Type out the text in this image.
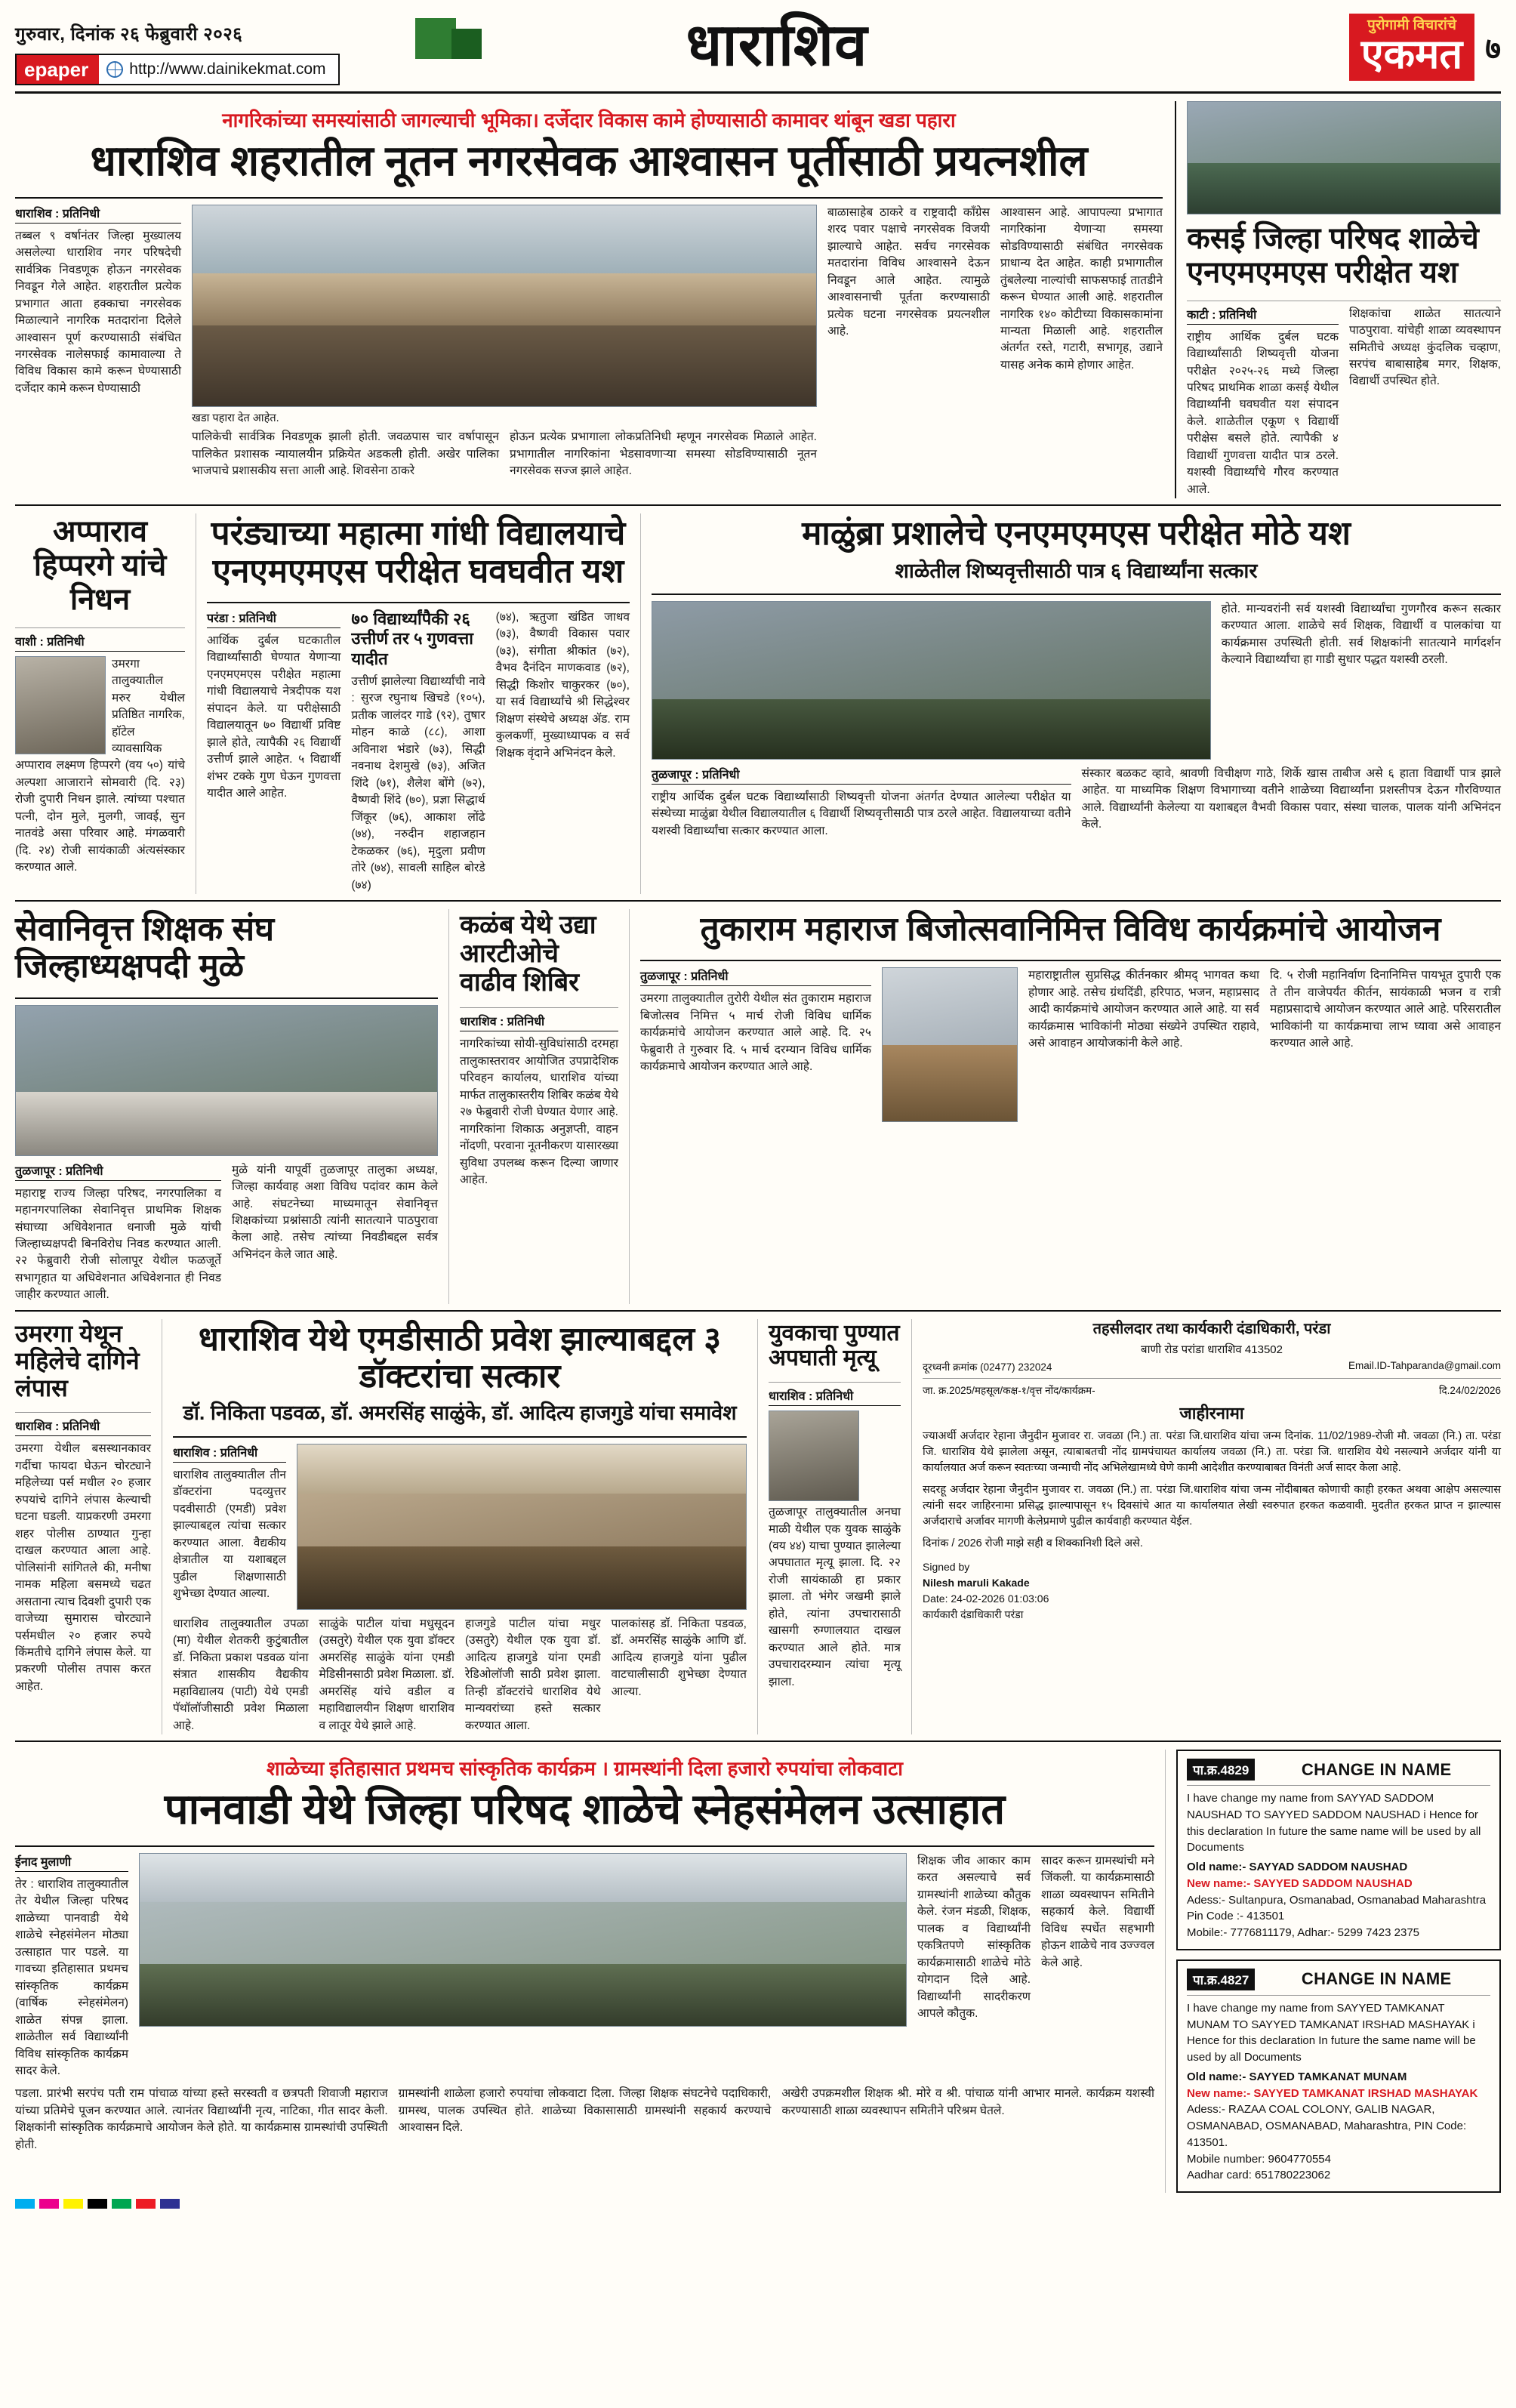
गुरुवार, दिनांक २६ फेब्रुवारी २०२६
epaper	http://www.dainikekmat.com	धाराशिव	पुरोगामी विचारांचे
एकमत ७
नागरिकांच्या समस्यांसाठी जागल्याची भूमिका। दर्जेदार विकास कामे होण्यासाठी कामावर थांबून खडा पहारा
धाराशिव शहरातील नूतन नगरसेवक आश्वासन पूर्तीसाठी प्रयत्नशील
धाराशिव : प्रतिनिधी
तब्बल ९ वर्षानंतर जिल्हा मुख्यालय असलेल्या धाराशिव नगर परिषदेची सार्वत्रिक निवडणूक होऊन नगरसेवक निवडून गेले आहेत. शहरातील प्रत्येक प्रभागात आता हक्काचा नगरसेवक मिळाल्याने नागरिक मतदारांना दिलेले आश्वासन पूर्ण करण्यासाठी संबंधित नगरसेवक नालेसफाई कामावाल्या ते विविध विकास कामे करून घेण्यासाठी दर्जेदार कामे करून घेण्यासाठी
खडा पहारा देत आहेत.
पालिकेची सार्वत्रिक निवडणूक झाली होती. जवळपास चार वर्षापासून पालिकेत प्रशासक न्यायालयीन प्रक्रियेत अडकली होती. अखेर पालिका भाजपाचे प्रशासकीय सत्ता आली आहे. शिवसेना ठाकरे
होऊन प्रत्येक प्रभागाला लोकप्रतिनिधी म्हणून नगरसेवक मिळाले आहेत. प्रभागातील नागरिकांना भेडसावणाऱ्या समस्या सोडविण्यासाठी नूतन नगरसेवक सज्ज झाले आहेत.
बाळासाहेब ठाकरे व राष्ट्रवादी काँग्रेस शरद पवार पक्षाचे नगरसेवक विजयी झाल्याचे आहेत. सर्वच नगरसेवक मतदारांना विविध आश्वासने देऊन निवडून आले आहेत. त्यामुळे आश्वासनाची पूर्तता करण्यासाठी प्रत्येक घटना नगरसेवक प्रयत्नशील आहे.
आश्वासन आहे. आपापल्या प्रभागात नागरिकांना येणाऱ्या समस्या सोडविण्यासाठी संबंधित नगरसेवक प्राधान्य देत आहेत. काही प्रभागातील तुंबलेल्या नाल्यांची साफसफाई तातडीने करून घेण्यात आली आहे. शहरातील नागरिक १४० कोटीच्या विकासकामांना मान्यता मिळाली आहे. शहरातील अंतर्गत रस्ते, गटारी, सभागृह, उद्याने यासह अनेक कामे होणार आहेत.
कसई जिल्हा परिषद शाळेचे एनएमएमएस परीक्षेत यश
काटी : प्रतिनिधी
राष्ट्रीय आर्थिक दुर्बल घटक विद्यार्थ्यांसाठी शिष्यवृत्ती योजना परीक्षेत २०२५-२६ मध्ये जिल्हा परिषद प्राथमिक शाळा कसई येथील विद्यार्थ्यांनी घवघवीत यश संपादन केले. शाळेतील एकूण ९ विद्यार्थी परीक्षेस बसले होते. त्यापैकी ४ विद्यार्थी गुणवत्ता यादीत पात्र ठरले. यशस्वी विद्यार्थ्यांचे गौरव करण्यात आले.
शिक्षकांचा शाळेत सातत्याने पाठपुरावा. यांचेही शाळा व्यवस्थापन समितीचे अध्यक्ष कुंदलिक चव्हाण, सरपंच बाबासाहेब मगर, शिक्षक, विद्यार्थी उपस्थित होते.
अप्पाराव हिप्परगे यांचे निधन
वाशी : प्रतिनिधी
उमरगा तालुक्यातील मरुर येथील प्रतिष्ठित नागरिक, हॉटेल व्यावसायिक अप्पाराव लक्ष्मण हिप्परगे (वय ५०) यांचे अल्पशा आजाराने सोमवारी (दि. २३) रोजी दुपारी निधन झाले. त्यांच्या पश्चात पत्नी, दोन मुले, मुलगी, जावई, सुन नातवंडे असा परिवार आहे. मंगळवारी (दि. २४) रोजी सायंकाळी अंत्यसंस्कार करण्यात आले.
परंड्याच्या महात्मा गांधी विद्यालयाचे एनएमएमएस परीक्षेत घवघवीत यश
परंडा : प्रतिनिधी
आर्थिक दुर्बल घटकातील विद्यार्थ्यांसाठी घेण्यात येणाऱ्या एनएमएमएस परीक्षेत महात्मा गांधी विद्यालयाचे नेत्रदीपक यश संपादन केले. या परीक्षेसाठी विद्यालयातून ७० विद्यार्थी प्रविष्ट झाले होते, त्यापैकी २६ विद्यार्थी उत्तीर्ण झाले आहेत. ५ विद्यार्थी शंभर टक्के गुण घेऊन गुणवत्ता यादीत आले आहेत.
७० विद्यार्थ्यांपैकी २६ उत्तीर्ण तर ५ गुणवत्ता यादीत
उत्तीर्ण झालेल्या विद्यार्थ्यांची नावे : सुरज रघुनाथ खिचडे (१०५), प्रतीक जालंदर गाडे (९२), तुषार मोहन काळे (८८), आशा अविनाश भंडारे (७३), सिद्धी नवनाथ देशमुखे (७३), अजित शिंदे (७१), शैलेश बोंगे (७२), वैष्णवी शिंदे (७०), प्रज्ञा सिद्धार्थ जिंकूर (७६), आकाश लोंढे (७४), नरुदीन शहाजहान टेकळकर (७६), मृदुला प्रवीण तोरे (७४), सावली साहिल बोरडे (७४)
(७४), ऋतुजा खंडित जाधव (७३), वैष्णवी विकास पवार (७३), संगीता श्रीकांत (७२), वैभव दैनंदिन माणकवाड (७२), सिद्धी किशोर चाकुरकर (७०), या सर्व विद्यार्थ्यांचे श्री सिद्धेश्वर शिक्षण संस्थेचे अध्यक्ष ॲड. राम कुलकर्णी, मुख्याध्यापक व सर्व शिक्षक वृंदाने अभिनंदन केले.
माळुंब्रा प्रशालेचे एनएमएमएस परीक्षेत मोठे यश
शाळेतील शिष्यवृत्तीसाठी पात्र ६ विद्यार्थ्यांना सत्कार
होते. मान्यवरांनी सर्व यशस्वी विद्यार्थ्यांचा गुणगौरव करून सत्कार करण्यात आला. शाळेचे सर्व शिक्षक, विद्यार्थी व पालकांचा या कार्यक्रमास उपस्थिती होती. सर्व शिक्षकांनी सातत्याने मार्गदर्शन केल्याने विद्यार्थ्यांचा हा गाडी सुधार पद्धत यशस्वी ठरली.
तुळजापूर : प्रतिनिधी
राष्ट्रीय आर्थिक दुर्बल घटक विद्यार्थ्यांसाठी शिष्यवृत्ती योजना अंतर्गत देण्यात आलेल्या परीक्षेत या संस्थेच्या माळुंब्रा येथील विद्यालयातील ६ विद्यार्थी शिष्यवृत्तीसाठी पात्र ठरले आहेत. विद्यालयाच्या वतीने यशस्वी विद्यार्थ्यांचा सत्कार करण्यात आला.
संस्कार बळकट व्हावे, श्रावणी विचीक्षण गाठे, शिर्के खास ताबीज असे ६ हाता विद्यार्थी पात्र झाले आहेत. या माध्यमिक शिक्षण विभागाच्या वतीने शाळेच्या विद्यार्थ्यांना प्रशस्तीपत्र देऊन गौरविण्यात आले. विद्यार्थ्यांनी केलेल्या या यशाबद्दल वैभवी विकास पवार, संस्था चालक, पालक यांनी अभिनंदन केले.
सेवानिवृत्त शिक्षक संघ जिल्हाध्यक्षपदी मुळे
तुळजापूर : प्रतिनिधी
महाराष्ट्र राज्य जिल्हा परिषद, नगरपालिका व महानगरपालिका सेवानिवृत्त प्राथमिक शिक्षक संघाच्या अधिवेशनात धनाजी मुळे यांची जिल्हाध्यक्षपदी बिनविरोध निवड करण्यात आली. २२ फेब्रुवारी रोजी सोलापूर येथील फळजूर्ते सभागृहात या अधिवेशनात अधिवेशनात ही निवड जाहीर करण्यात आली.
मुळे यांनी यापूर्वी तुळजापूर तालुका अध्यक्ष, जिल्हा कार्यवाह अशा विविध पदांवर काम केले आहे. संघटनेच्या माध्यमातून सेवानिवृत्त शिक्षकांच्या प्रश्नांसाठी त्यांनी सातत्याने पाठपुरावा केला आहे. तसेच त्यांच्या निवडीबद्दल सर्वत्र अभिनंदन केले जात आहे.
कळंब येथे उद्या आरटीओचे वाढीव शिबिर
धाराशिव : प्रतिनिधी
नागरिकांच्या सोयी-सुविधांसाठी दरमहा तालुकास्तरावर आयोजित उपप्रादेशिक परिवहन कार्यालय, धाराशिव यांच्या मार्फत तालुकास्तरीय शिबिर कळंब येथे २७ फेब्रुवारी रोजी घेण्यात येणार आहे. नागरिकांना शिकाऊ अनुज्ञप्ती, वाहन नोंदणी, परवाना नूतनीकरण यासारख्या सुविधा उपलब्ध करून दिल्या जाणार आहेत.
तुकाराम महाराज बिजोत्सवानिमित्त विविध कार्यक्रमांचे आयोजन
तुळजापूर : प्रतिनिधी
उमरगा तालुक्यातील तुरोरी येथील संत तुकाराम महाराज बिजोत्सव निमित्त ५ मार्च रोजी विविध धार्मिक कार्यक्रमांचे आयोजन करण्यात आले आहे. दि. २५ फेब्रुवारी ते गुरुवार दि. ५ मार्च दरम्यान विविध धार्मिक कार्यक्रमाचे आयोजन करण्यात आले आहे.
महाराष्ट्रातील सुप्रसिद्ध कीर्तनकार श्रीमद् भागवत कथा होणार आहे. तसेच ग्रंथदिंडी, हरिपाठ, भजन, महाप्रसाद आदी कार्यक्रमांचे आयोजन करण्यात आले आहे. या सर्व कार्यक्रमास भाविकांनी मोठ्या संख्येने उपस्थित राहावे, असे आवाहन आयोजकांनी केले आहे.
दि. ५ रोजी महानिर्वाण दिनानिमित्त पायभूत दुपारी एक ते तीन वाजेपर्यंत कीर्तन, सायंकाळी भजन व रात्री महाप्रसादाचे आयोजन करण्यात आले आहे. परिसरातील भाविकांनी या कार्यक्रमाचा लाभ घ्यावा असे आवाहन करण्यात आले आहे.
उमरगा येथून महिलेचे दागिने लंपास
धाराशिव : प्रतिनिधी
उमरगा येथील बसस्थानकावर गर्दीचा फायदा घेऊन चोरट्याने महिलेच्या पर्स मधील २० हजार रुपयांचे दागिने लंपास केल्याची घटना घडली. याप्रकरणी उमरगा शहर पोलीस ठाण्यात गुन्हा दाखल करण्यात आला आहे. पोलिसांनी सांगितले की, मनीषा नामक महिला बसमध्ये चढत असताना त्याच दिवशी दुपारी एक वाजेच्या सुमारास चोरट्याने पर्समधील २० हजार रुपये किंमतीचे दागिने लंपास केले. या प्रकरणी पोलीस तपास करत आहेत.
धाराशिव येथे एमडीसाठी प्रवेश झाल्याबद्दल ३ डॉक्टरांचा सत्कार
डॉ. निकिता पडवळ, डॉ. अमरसिंह साळुंके, डॉ. आदित्य हाजगुडे यांचा समावेश
धाराशिव : प्रतिनिधी
धाराशिव तालुक्यातील तीन डॉक्टरांना पदव्युत्तर पदवीसाठी (एमडी) प्रवेश झाल्याबद्दल त्यांचा सत्कार करण्यात आला. वैद्यकीय क्षेत्रातील या यशाबद्दल पुढील शिक्षणासाठी शुभेच्छा देण्यात आल्या.
धाराशिव तालुक्यातील उपळा (मा) येथील शेतकरी कुटुंबातील डॉ. निकिता प्रकाश पडवळ यांना संत्रात शासकीय वैद्यकीय महाविद्यालय (पाटी) येथे एमडी पॅथॉलॉजीसाठी प्रवेश मिळाला आहे.
साळुंके पाटील यांचा मधुसूदन (उसतुरे) येथील एक युवा डॉक्टर अमरसिंह साळुंके यांना एमडी मेडिसीनसाठी प्रवेश मिळाला. डॉ. अमरसिंह यांचे वडील व महाविद्यालयीन शिक्षण धाराशिव व लातूर येथे झाले आहे.
हाजगुडे पाटील यांचा मधुर (उसतुरे) येथील एक युवा डॉ. आदित्य हाजगुडे यांना एमडी रेडिओलॉजी साठी प्रवेश झाला. तिन्ही डॉक्टरांचे धाराशिव येथे मान्यवरांच्या हस्ते सत्कार करण्यात आला.
पालकांसह डॉ. निकिता पडवळ, डॉ. अमरसिंह साळुंके आणि डॉ. आदित्य हाजगुडे यांना पुढील वाटचालीसाठी शुभेच्छा देण्यात आल्या.
युवकाचा पुण्यात अपघाती मृत्यू
धाराशिव : प्रतिनिधी
तुळजापूर तालुक्यातील अनघा माळी येथील एक युवक साळुंके (वय ४४) याचा पुण्यात झालेल्या अपघातात मृत्यू झाला. दि. २२ रोजी सायंकाळी हा प्रकार झाला. तो भंगेर जखमी झाले होते, त्यांना उपचारासाठी खासगी रुग्णालयात दाखल करण्यात आले होते. मात्र उपचारादरम्यान त्यांचा मृत्यू झाला.
तहसीलदार तथा कार्यकारी दंडाधिकारी, परंडा
बाणी रोड परांडा धाराशिव 413502
दूरध्वनी क्रमांक (02477) 232024	Email.ID-Tahparanda@gmail.com
जा. क्र.2025/महसूल/कक्ष-१/वृत्त नोंद/कार्यक्रम-	दि.24/02/2026
जाहीरनामा
ज्याअर्थी अर्जदार रेहाना जैनुदीन मुजावर रा. जवळा (नि.) ता. परंडा जि.धाराशिव यांचा जन्म दिनांक. 11/02/1989-रोजी मौ. जवळा (नि.) ता. परंडा जि. धाराशिव येथे झालेला असून, त्याबाबतची नोंद ग्रामपंचायत कार्यालय जवळा (नि.) ता. परंडा जि. धाराशिव येथे नसल्याने अर्जदार यांनी या कार्यालयात अर्ज करून स्वतःच्या जन्माची नोंद अभिलेखामध्ये घेणे कामी आदेशीत करण्याबाबत विनंती अर्ज सादर केला आहे.
सदरहू अर्जदार रेहाना जैनुदीन मुजावर रा. जवळा (नि.) ता. परंडा जि.धाराशिव यांचा जन्म नोंदीबाबत कोणाची काही हरकत अथवा आक्षेप असल्यास त्यांनी सदर जाहिरनामा प्रसिद्ध झाल्यापासून १५ दिवसांचे आत या कार्यालयात लेखी स्वरुपात हरकत कळवावी. मुदतीत हरकत प्राप्त न झाल्यास अर्जदाराचे अर्जावर मागणी केलेप्रमाणे पुढील कार्यवाही करण्यात येईल.
दिनांक / 2026 रोजी माझे सही व शिक्कानिशी दिले असे.
Signed by
Nilesh maruli Kakade
Date: 24-02-2026 01:03:06
कार्यकारी दंडाधिकारी परंडा
शाळेच्या इतिहासात प्रथमच सांस्कृतिक कार्यक्रम । ग्रामस्थांनी दिला हजारो रुपयांचा लोकवाटा
पानवाडी येथे जिल्हा परिषद शाळेचे स्नेहसंमेलन उत्साहात
ईनाद मुलाणी
तेर : धाराशिव तालुक्यातील तेर येथील जिल्हा परिषद शाळेच्या पानवाडी येथे शाळेचे स्नेहसंमेलन मोठ्या उत्साहात पार पडले. या गावच्या इतिहासात प्रथमच सांस्कृतिक कार्यक्रम (वार्षिक स्नेहसंमेलन) शाळेत संपन्न झाला. शाळेतील सर्व विद्यार्थ्यांनी विविध सांस्कृतिक कार्यक्रम सादर केले.
शिक्षक जीव आकार काम करत असल्याचे सर्व ग्रामस्थांनी शाळेच्या कौतुक केले. रंजन मंडळी, शिक्षक, पालक व विद्यार्थ्यांनी एकत्रितपणे सांस्कृतिक कार्यक्रमासाठी शाळेचे मोठे योगदान दिले आहे. विद्यार्थ्यांनी सादरीकरण आपले कौतुक.
सादर करून ग्रामस्थांची मने जिंकली. या कार्यक्रमासाठी शाळा व्यवस्थापन समितीने सहकार्य केले. विद्यार्थी विविध स्पर्धेत सहभागी होऊन शाळेचे नाव उज्ज्वल केले आहे.
पडला. प्रारंभी सरपंच पती राम पांचाळ यांच्या हस्ते सरस्वती व छत्रपती शिवाजी महाराज यांच्या प्रतिमेचे पूजन करण्यात आले. त्यानंतर विद्यार्थ्यांनी नृत्य, नाटिका, गीत सादर केली. शिक्षकांनी सांस्कृतिक कार्यक्रमाचे आयोजन केले होते. या कार्यक्रमास ग्रामस्थांची उपस्थिती होती.
ग्रामस्थांनी शाळेला हजारो रुपयांचा लोकवाटा दिला. जिल्हा शिक्षक संघटनेचे पदाधिकारी, ग्रामस्थ, पालक उपस्थित होते. शाळेच्या विकासासाठी ग्रामस्थांनी सहकार्य करण्याचे आश्वासन दिले.
अखेरी उपक्रमशील शिक्षक श्री. मोरे व श्री. पांचाळ यांनी आभार मानले. कार्यक्रम यशस्वी करण्यासाठी शाळा व्यवस्थापन समितीने परिश्रम घेतले.
पा.क्र.4829	CHANGE IN NAME
I have change my name from SAYYAD SADDOM NAUSHAD TO SAYYED SADDOM NAUSHAD i Hence for this declaration In future the same name will be used by all Documents
Old name:- SAYYAD SADDOM NAUSHAD
New name:- SAYYED SADDOM NAUSHAD
Adess:- Sultanpura, Osmanabad, Osmanabad Maharashtra Pin Code :- 413501
Mobile:- 7776811179, Adhar:- 5299 7423 2375
पा.क्र.4827	CHANGE IN NAME
I have change my name from SAYYED TAMKANAT MUNAM TO SAYYED TAMKANAT IRSHAD MASHAYAK i Hence for this declaration In future the same name will be used by all Documents
Old name:- SAYYED TAMKANAT MUNAM
New name:- SAYYED TAMKANAT IRSHAD MASHAYAK
Adess:- RAZAA COAL COLONY, GALIB NAGAR, OSMANABAD, OSMANABAD, Maharashtra, PIN Code: 413501.
Mobile number: 9604770554
Aadhar card: 651780223062
